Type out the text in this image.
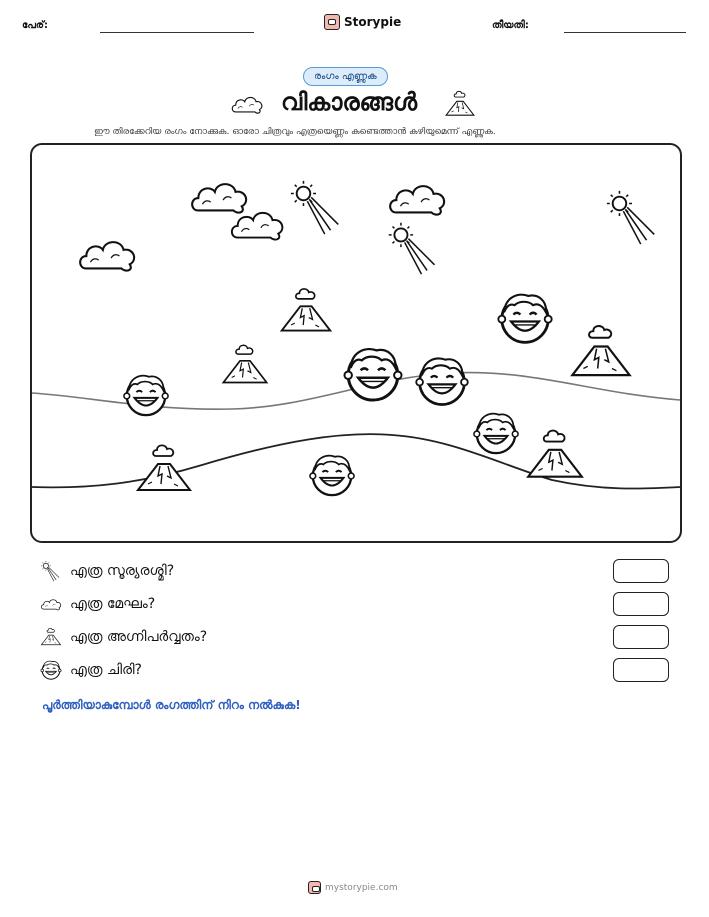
പേര്:	Storypie	തീയതി:
രംഗം എണ്ണുക
വികാരങ്ങൾ
ഈ തിരക്കേറിയ രംഗം നോക്കുക. ഓരോ ചിത്രവും എത്രയെണ്ണം കണ്ടെത്താൻ കഴിയുമെന്ന് എണ്ണുക.
എത്ര സൂര്യരശ്മി?
എത്ര മേഘം?
എത്ര അഗ്നിപർവ്വതം?
എത്ര ചിരി?
പൂർത്തിയാകുമ്പോൾ രംഗത്തിന് നിറം നൽകുക!
mystorypie.com
